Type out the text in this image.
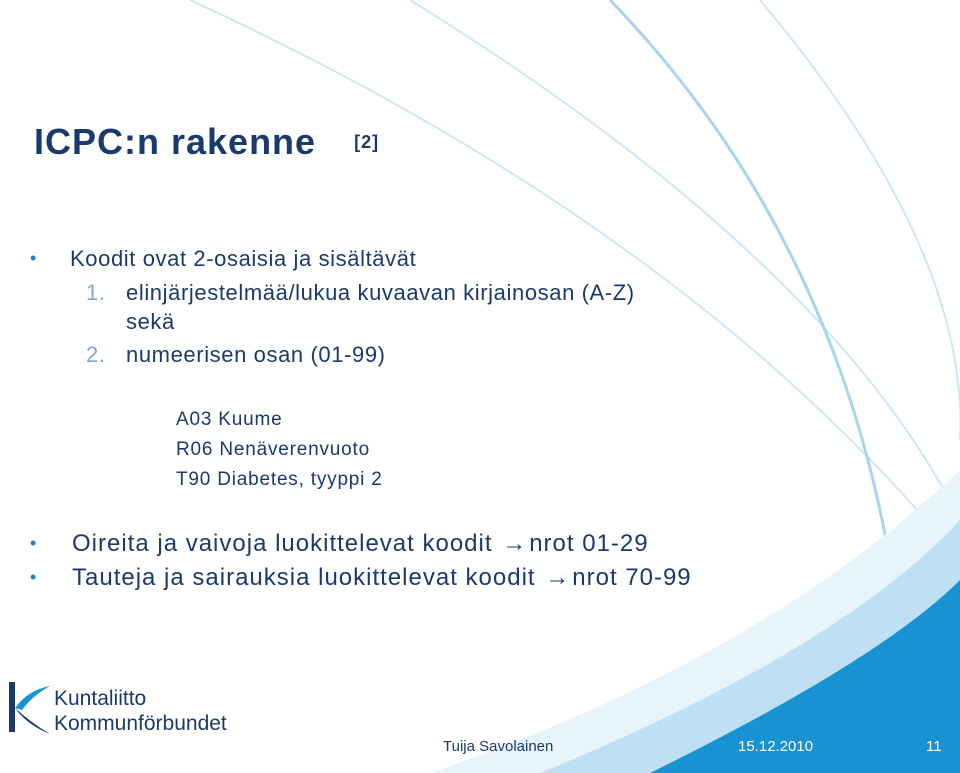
ICPC:n rakenne [2]
• Koodit ovat 2-osaisia ja sisältävät
1. elinjärjestelmää/lukua kuvaavan kirjainosan (A-Z)
sekä
2. numeerisen osan (01-99)
A03 Kuume
R06 Nenäverenvuoto
T90 Diabetes, tyyppi 2
• Oireita ja vaivoja luokittelevat koodit →nrot 01-29
• Tauteja ja sairauksia luokittelevat koodit →nrot 70-99
Kuntaliitto
Kommunförbundet
Tuija Savolainen	15.12.2010	11
